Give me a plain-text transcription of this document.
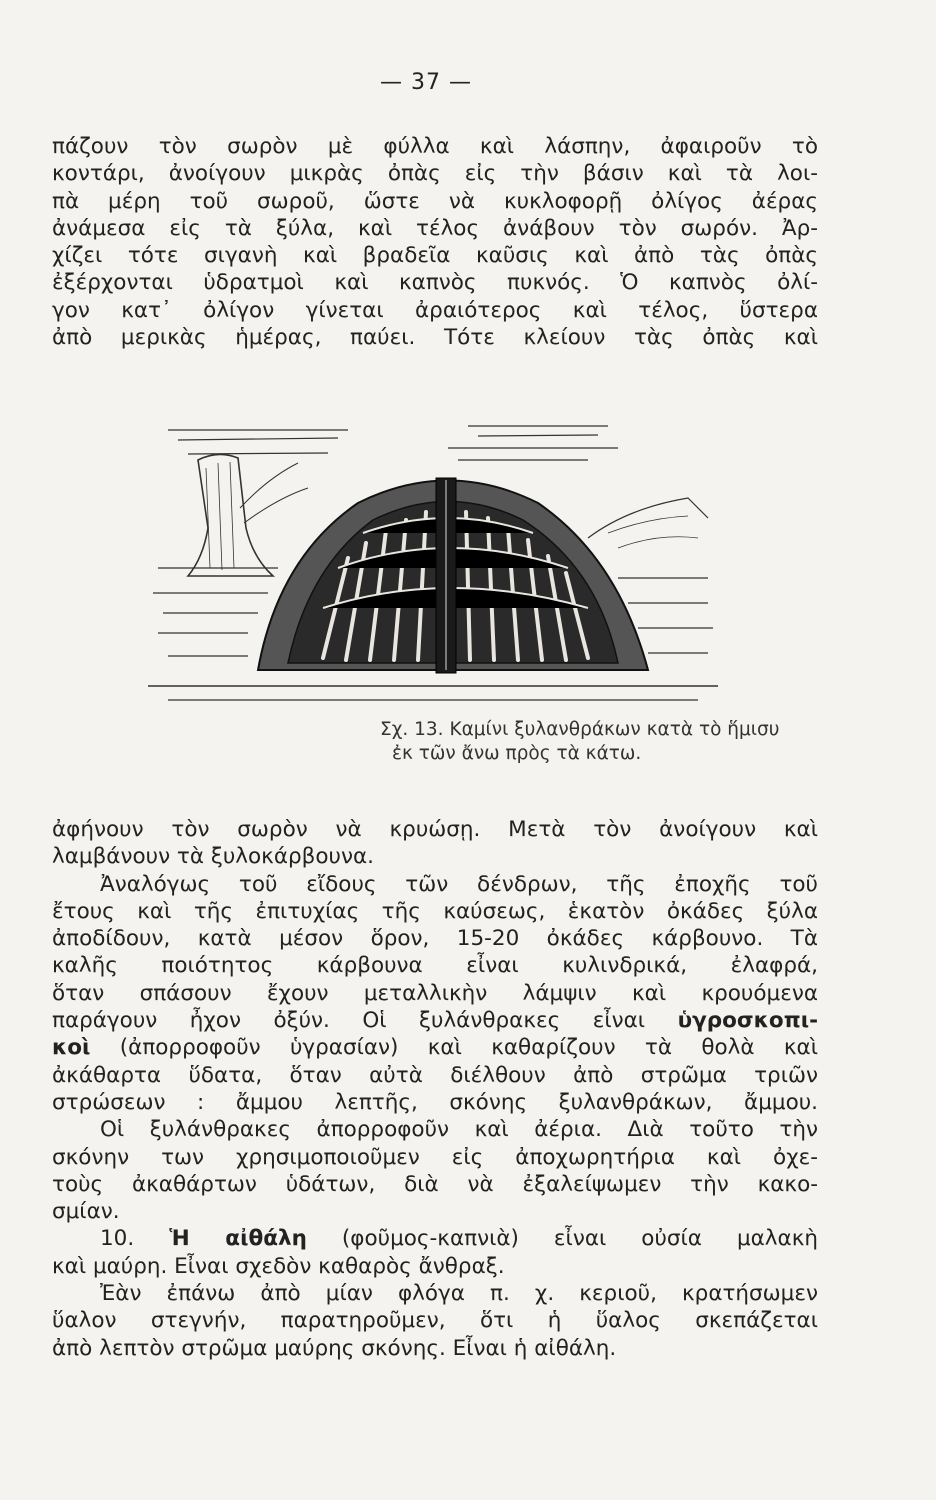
— 37 —
πάζουν τὸν σωρὸν μὲ φύλλα καὶ λάσπην, ἀφαιροῦν τὸ
κοντάρι, ἀνοίγουν μικρὰς ὀπὰς εἰς τὴν βάσιν καὶ τὰ λοι-
πὰ μέρη τοῦ σωροῦ, ὥστε νὰ κυκλοφορῇ ὀλίγος ἀέρας
ἀνάμεσα εἰς τὰ ξύλα, καὶ τέλος ἀνάβουν τὸν σωρόν. Ἀρ-
χίζει τότε σιγανὴ καὶ βραδεῖα καῦσις καὶ ἀπὸ τὰς ὀπὰς
ἐξέρχονται ὑδρατμοὶ καὶ καπνὸς πυκνός. Ὁ καπνὸς ὀλί-
γον κατ᾽ ὀλίγον γίνεται ἀραιότερος καὶ τέλος, ὕστερα
ἀπὸ μερικὰς ἡμέρας, παύει. Τότε κλείουν τὰς ὀπὰς καὶ
Σχ. 13. Καμίνι ξυλανθράκων κατὰ τὸ ἥμισυ
ἐκ τῶν ἄνω πρὸς τὰ κάτω.
ἀφήνουν τὸν σωρὸν νὰ κρυώσῃ. Μετὰ τὸν ἀνοίγουν καὶ
λαμβάνουν τὰ ξυλοκάρβουνα.
Ἀναλόγως τοῦ εἴδους τῶν δένδρων, τῆς ἐποχῆς τοῦ
ἔτους καὶ τῆς ἐπιτυχίας τῆς καύσεως, ἑκατὸν ὀκάδες ξύλα
ἀποδίδουν, κατὰ μέσον ὅρον, 15-20 ὀκάδες κάρβουνο. Τὰ
καλῆς ποιότητος κάρβουνα εἶναι κυλινδρικά, ἐλαφρά,
ὅταν σπάσουν ἔχουν μεταλλικὴν λάμψιν καὶ κρουόμενα
παράγουν ἦχον ὀξύν. Οἱ ξυλάνθρακες εἶναι ὑγροσκοπι-
κοὶ (ἀπορροφοῦν ὑγρασίαν) καὶ καθαρίζουν τὰ θολὰ καὶ
ἀκάθαρτα ὕδατα, ὅταν αὐτὰ διέλθουν ἀπὸ στρῶμα τριῶν
στρώσεων : ἄμμου λεπτῆς, σκόνης ξυλανθράκων, ἄμμου.
Οἱ ξυλάνθρακες ἀπορροφοῦν καὶ ἀέρια. Διὰ τοῦτο τὴν
σκόνην των χρησιμοποιοῦμεν εἰς ἀποχωρητήρια καὶ ὀχε-
τοὺς ἀκαθάρτων ὑδάτων, διὰ νὰ ἐξαλείψωμεν τὴν κακο-
σμίαν.
10. Ἡ αἰθάλη (φοῦμος-καπνιὰ) εἶναι οὐσία μαλακὴ
καὶ μαύρη. Εἶναι σχεδὸν καθαρὸς ἄνθραξ.
Ἐὰν ἐπάνω ἀπὸ μίαν φλόγα π. χ. κεριοῦ, κρατήσωμεν
ὕαλον στεγνήν, παρατηροῦμεν, ὅτι ἡ ὕαλος σκεπάζεται
ἀπὸ λεπτὸν στρῶμα μαύρης σκόνης. Εἶναι ἡ αἰθάλη.
